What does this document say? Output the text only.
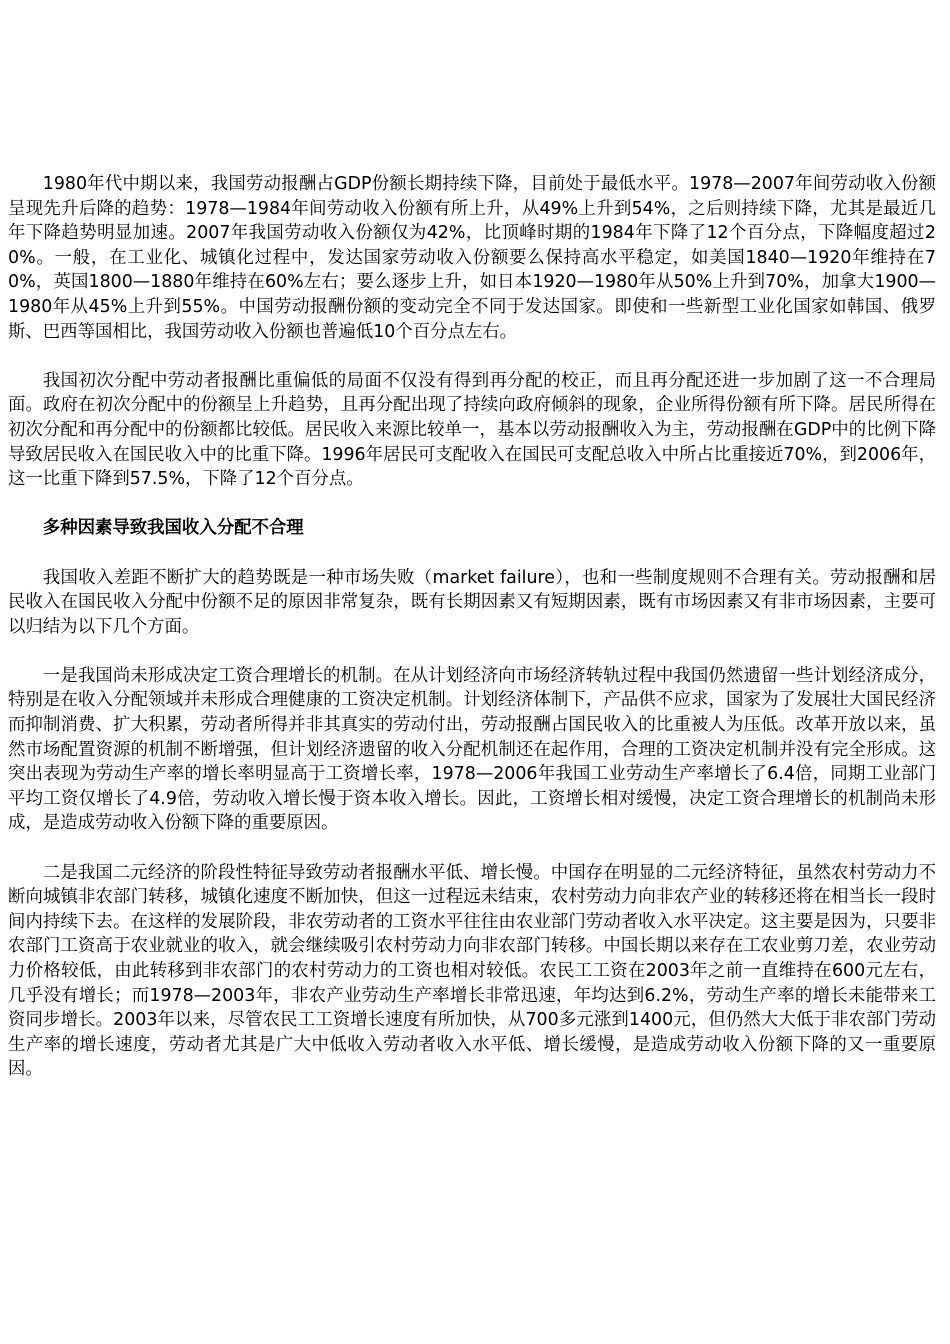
1980年代中期以来，我国劳动报酬占GDP份额长期持续下降，目前处于最低水平。1978—2007年间劳动收入份额呈现先升后降的趋势：1978—1984年间劳动收入份额有所上升，从49%上升到54%，之后则持续下降，尤其是最近几年下降趋势明显加速。2007年我国劳动收入份额仅为42%，比顶峰时期的1984年下降了12个百分点，下降幅度超过20%。一般，在工业化、城镇化过程中，发达国家劳动收入份额要么保持高水平稳定，如美国1840—1920年维持在70%，英国1800—1880年维持在60%左右；要么逐步上升，如日本1920—1980年从50%上升到70%，加拿大1900—1980年从45%上升到55%。中国劳动报酬份额的变动完全不同于发达国家。即使和一些新型工业化国家如韩国、俄罗斯、巴西等国相比，我国劳动收入份额也普遍低10个百分点左右。

我国初次分配中劳动者报酬比重偏低的局面不仅没有得到再分配的校正，而且再分配还进一步加剧了这一不合理局面。政府在初次分配中的份额呈上升趋势，且再分配出现了持续向政府倾斜的现象，企业所得份额有所下降。居民所得在初次分配和再分配中的份额都比较低。居民收入来源比较单一，基本以劳动报酬收入为主，劳动报酬在GDP中的比例下降导致居民收入在国民收入中的比重下降。1996年居民可支配收入在国民可支配总收入中所占比重接近70%，到2006年，这一比重下降到57.5%，下降了12个百分点。

多种因素导致我国收入分配不合理

我国收入差距不断扩大的趋势既是一种市场失败（market failure），也和一些制度规则不合理有关。劳动报酬和居民收入在国民收入分配中份额不足的原因非常复杂，既有长期因素又有短期因素，既有市场因素又有非市场因素，主要可以归结为以下几个方面。

一是我国尚未形成决定工资合理增长的机制。在从计划经济向市场经济转轨过程中我国仍然遗留一些计划经济成分，特别是在收入分配领域并未形成合理健康的工资决定机制。计划经济体制下，产品供不应求，国家为了发展壮大国民经济而抑制消费、扩大积累，劳动者所得并非其真实的劳动付出，劳动报酬占国民收入的比重被人为压低。改革开放以来，虽然市场配置资源的机制不断增强，但计划经济遗留的收入分配机制还在起作用，合理的工资决定机制并没有完全形成。这突出表现为劳动生产率的增长率明显高于工资增长率，1978—2006年我国工业劳动生产率增长了6.4倍，同期工业部门平均工资仅增长了4.9倍，劳动收入增长慢于资本收入增长。因此，工资增长相对缓慢，决定工资合理增长的机制尚未形成，是造成劳动收入份额下降的重要原因。

二是我国二元经济的阶段性特征导致劳动者报酬水平低、增长慢。中国存在明显的二元经济特征，虽然农村劳动力不断向城镇非农部门转移，城镇化速度不断加快，但这一过程远未结束，农村劳动力向非农产业的转移还将在相当长一段时间内持续下去。在这样的发展阶段，非农劳动者的工资水平往往由农业部门劳动者收入水平决定。这主要是因为，只要非农部门工资高于农业就业的收入，就会继续吸引农村劳动力向非农部门转移。中国长期以来存在工农业剪刀差，农业劳动力价格较低，由此转移到非农部门的农村劳动力的工资也相对较低。农民工工资在2003年之前一直维持在600元左右，几乎没有增长；而1978—2003年，非农产业劳动生产率增长非常迅速，年均达到6.2%，劳动生产率的增长未能带来工资同步增长。2003年以来，尽管农民工工资增长速度有所加快，从700多元涨到1400元，但仍然大大低于非农部门劳动生产率的增长速度，劳动者尤其是广大中低收入劳动者收入水平低、增长缓慢，是造成劳动收入份额下降的又一重要原因。
